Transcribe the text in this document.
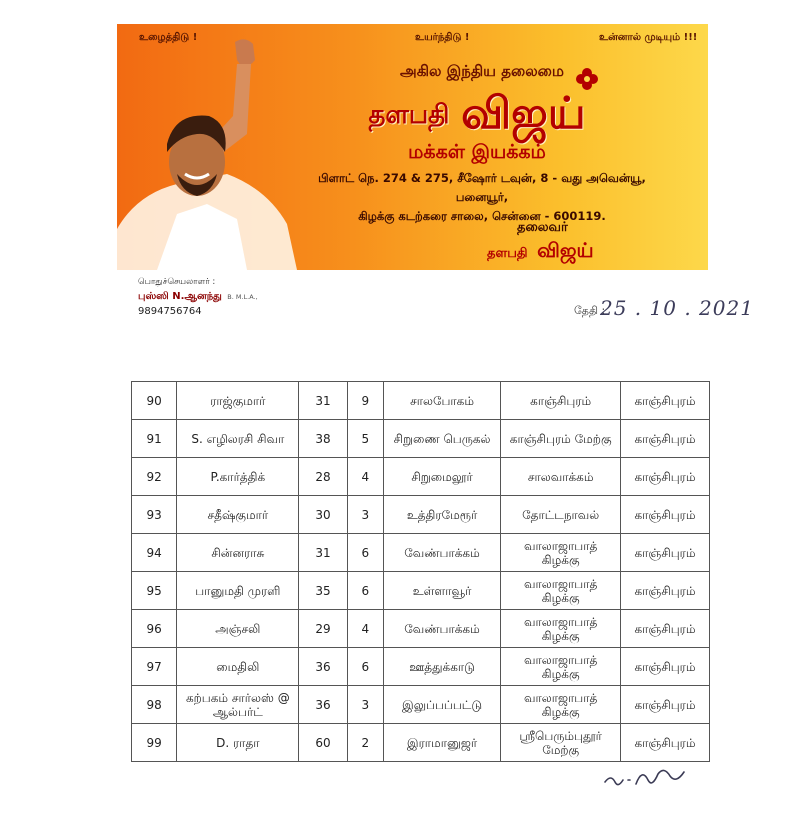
உழைத்திடு !	உயர்ந்திடு !	உன்னால் முடியும் !!!
அகில இந்திய தலைமை
தளபதி விஜய்
மக்கள் இயக்கம்
பிளாட் நெ. 274 & 275, சீஷோர் டவுன், 8 - வது அவென்யூ, பனையூர்,
கிழக்கு கடற்கரை சாலை, சென்னை - 600119.
தலைவர்
தளபதி விஜய்
பொதுச்செயலாளர் :
புஸ்ஸி N.ஆனந்து B. M.L.A.,
9894756764	தேதி :
25 . 10 . 2021
90	ராஜ்குமார்	31	9	சாலபோகம்	காஞ்சிபுரம்	காஞ்சிபுரம்
91	S. எழிலரசி சிவா	38	5	சிறுணை பெருகல்	காஞ்சிபுரம் மேற்கு	காஞ்சிபுரம்
92	P.கார்த்திக்	28	4	சிறுமைலூர்	சாலவாக்கம்	காஞ்சிபுரம்
93	சதீஷ்குமார்	30	3	உத்திரமேரூர்	தோட்டநாவல்	காஞ்சிபுரம்
94	சின்னராசு	31	6	வேண்பாக்கம்	வாலாஜாபாத் கிழக்கு	காஞ்சிபுரம்
95	பானுமதி முரளி	35	6	உள்ளாவூர்	வாலாஜாபாத் கிழக்கு	காஞ்சிபுரம்
96	அஞ்சலி	29	4	வேண்பாக்கம்	வாலாஜாபாத் கிழக்கு	காஞ்சிபுரம்
97	மைதிலி	36	6	ஊத்துக்காடு	வாலாஜாபாத் கிழக்கு	காஞ்சிபுரம்
98	கற்பகம் சார்லஸ் @ ஆல்பர்ட்	36	3	இலுப்பப்பட்டு	வாலாஜாபாத் கிழக்கு	காஞ்சிபுரம்
99	D. ராதா	60	2	இராமானுஜர்	ஸ்ரீபெரும்புதூர் மேற்கு	காஞ்சிபுரம்
